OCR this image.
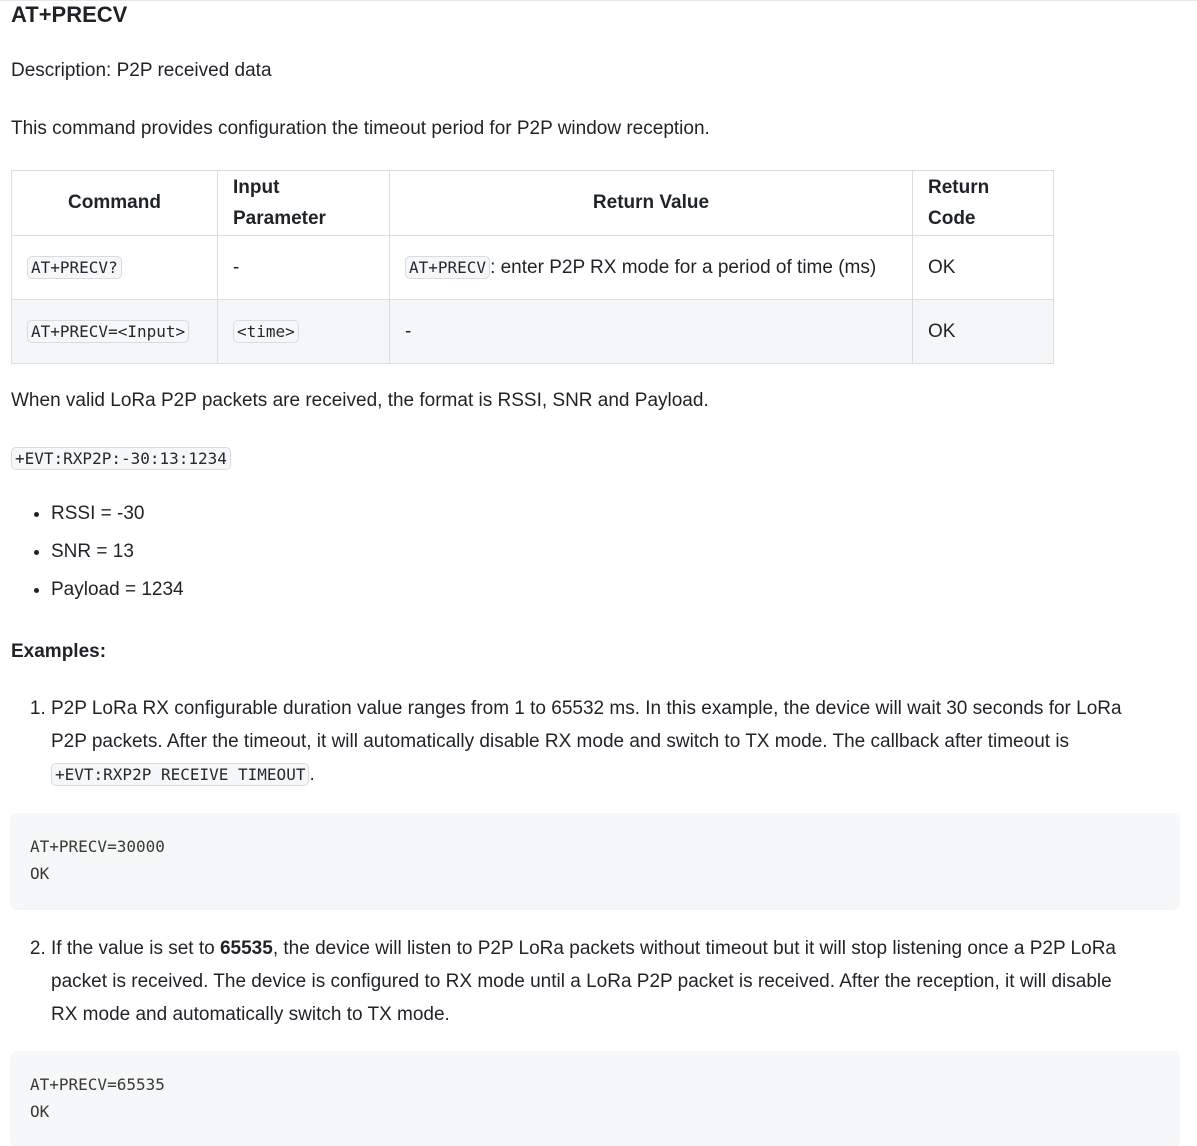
AT+PRECV

Description: P2P received data

This command provides configuration the timeout period for P2P window reception.

Command	Input Parameter	Return Value	Return Code
AT+PRECV?	-	AT+PRECV : enter P2P RX mode for a period of time (ms)	OK
AT+PRECV=<Input>	<time>	-	OK

When valid LoRa P2P packets are received, the format is RSSI, SNR and Payload.

+EVT:RXP2P:-30:13:1234

• RSSI = -30
• SNR = 13
• Payload = 1234

Examples:

1. P2P LoRa RX configurable duration value ranges from 1 to 65532 ms. In this example, the device will wait 30 seconds for LoRa
P2P packets. After the timeout, it will automatically disable RX mode and switch to TX mode. The callback after timeout is
+EVT:RXP2P RECEIVE TIMEOUT .
AT+PRECV=30000
OK
2. If the value is set to 65535, the device will listen to P2P LoRa packets without timeout but it will stop listening once a P2P LoRa
packet is received. The device is configured to RX mode until a LoRa P2P packet is received. After the reception, it will disable
RX mode and automatically switch to TX mode.
AT+PRECV=65535
OK
